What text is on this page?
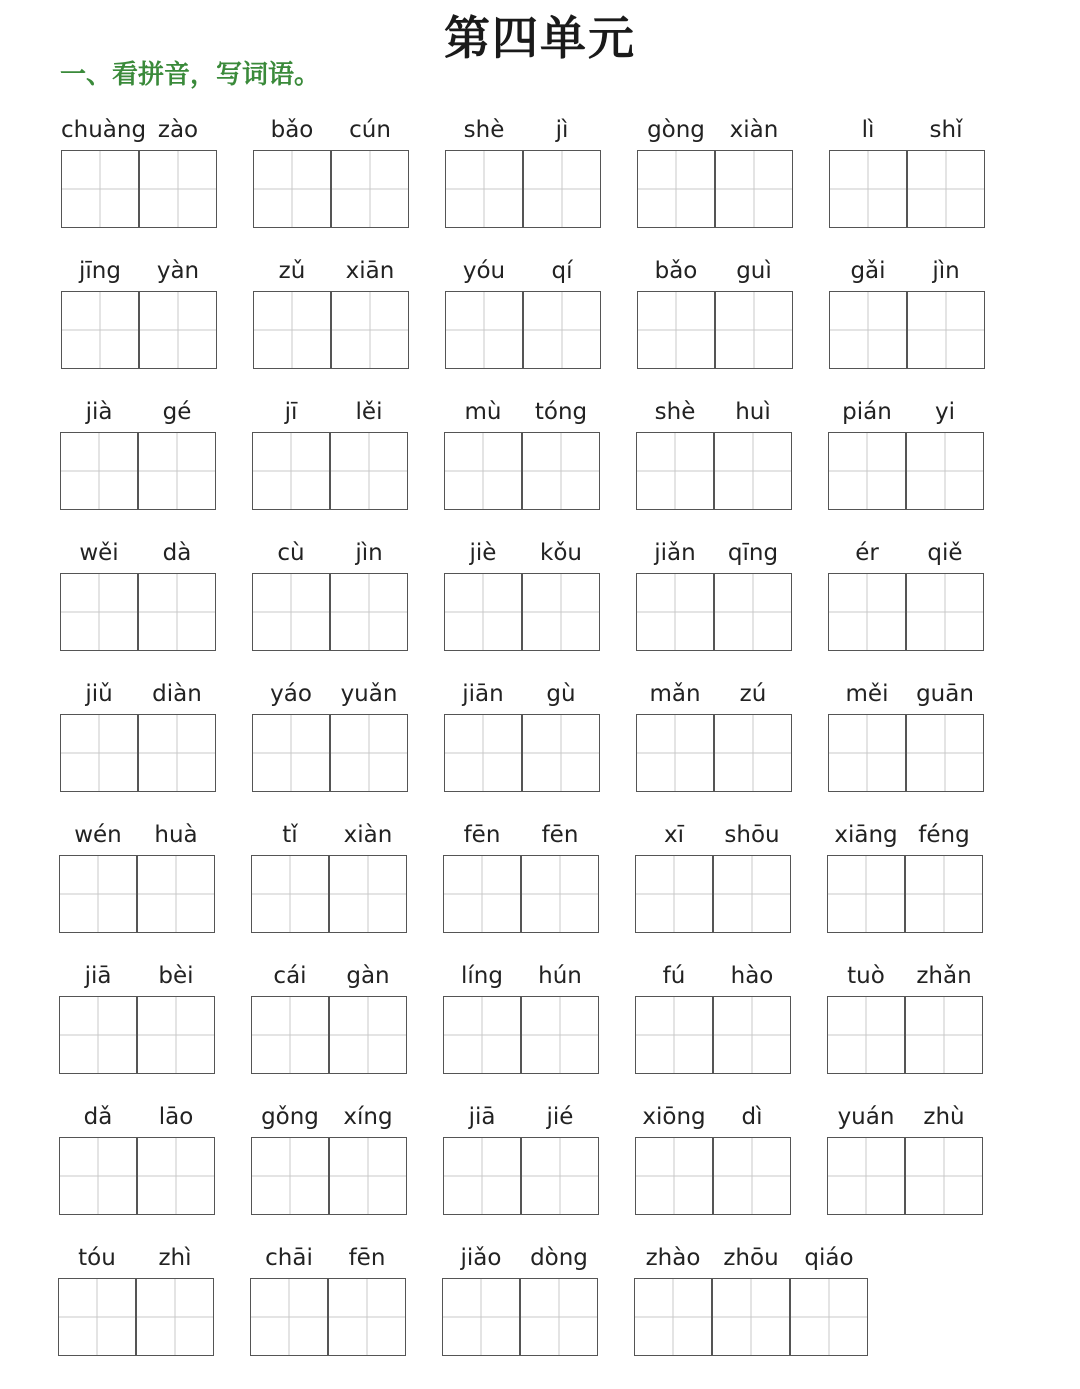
第四单元
一、看拼音，写词语。
chuàng zào	bǎo	cún	shè	jì	gòng	xiàn	lì	shǐ
jīng	yàn	zǔ	xiān	yóu	qí	bǎo	guì	gǎi	jìn
jià	gé	jī	lěi	mù	tóng	shè	huì	pián	yi
wěi	dà	cù	jìn	jiè	kǒu	jiǎn	qīng	ér	qiě
jiǔ	diàn	yáo	yuǎn	jiān	gù	mǎn	zú	měi	guān
wén	huà	tǐ	xiàn	fēn	fēn	xī	shōu	xiāng féng
jiā	bèi	cái	gàn	líng	hún	fú	hào	tuò	zhǎn
dǎ	lāo	gǒng	xíng	jiā	jié	xiōng	dì	yuán	zhù
tóu	zhì	chāi	fēn	jiǎo	dòng	zhào zhōu	qiáo
